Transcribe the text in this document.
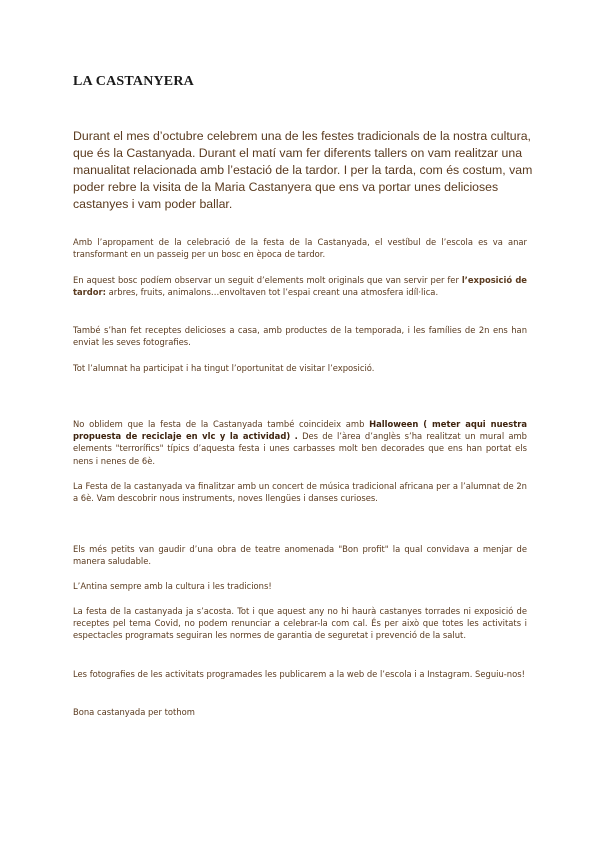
LA CASTANYERA
Durant el mes d’octubre celebrem una de les festes tradicionals de la nostra cultura, que és la Castanyada. Durant el matí vam fer diferents tallers on vam realitzar una manualitat relacionada amb l’estació de la tardor. I per la tarda, com és costum, vam poder rebre la visita de la Maria Castanyera que ens va portar unes delicioses castanyes i vam poder ballar.

Amb l’apropament de la celebració de la festa de la Castanyada, el vestíbul de l’escola es va anar transformant en un passeig per un bosc en època de tardor.

En aquest bosc podíem observar un seguit d’elements molt originals que van servir per fer l’exposició de tardor: arbres, fruits, animalons…envoltaven tot l’espai creant una atmosfera idíl·lica.

També s’han fet receptes delicioses a casa, amb productes de la temporada, i les famílies de 2n ens han enviat les seves fotografies.

Tot l’alumnat ha participat i ha tingut l’oportunitat de visitar l’exposició.

No oblidem que la festa de la Castanyada també coincideix amb Halloween ( meter aqui nuestra propuesta de reciclaje en vlc y la actividad) . Des de l’àrea d’anglès s’ha realitzat un mural amb elements "terrorífics" típics d’aquesta festa i unes carbasses molt ben decorades que ens han portat els nens i nenes de 6è.

La Festa de la castanyada va finalitzar amb un concert de música tradicional africana per a l’alumnat de 2n a 6è. Vam descobrir nous instruments, noves llengües i danses curioses.

Els més petits van gaudir d’una obra de teatre anomenada "Bon profit" la qual convidava a menjar de manera saludable.

L’Antina sempre amb la cultura i les tradicions!

La festa de la castanyada ja s’acosta. Tot i que aquest any no hi haurà castanyes torrades ni exposició de receptes pel tema Covid, no podem renunciar a celebrar-la com cal. És per això que totes les activitats i espectacles programats seguiran les normes de garantia de seguretat i prevenció de la salut.

Les fotografies de les activitats programades les publicarem a la web de l’escola i a Instagram. Seguiu-nos!

Bona castanyada per tothom
